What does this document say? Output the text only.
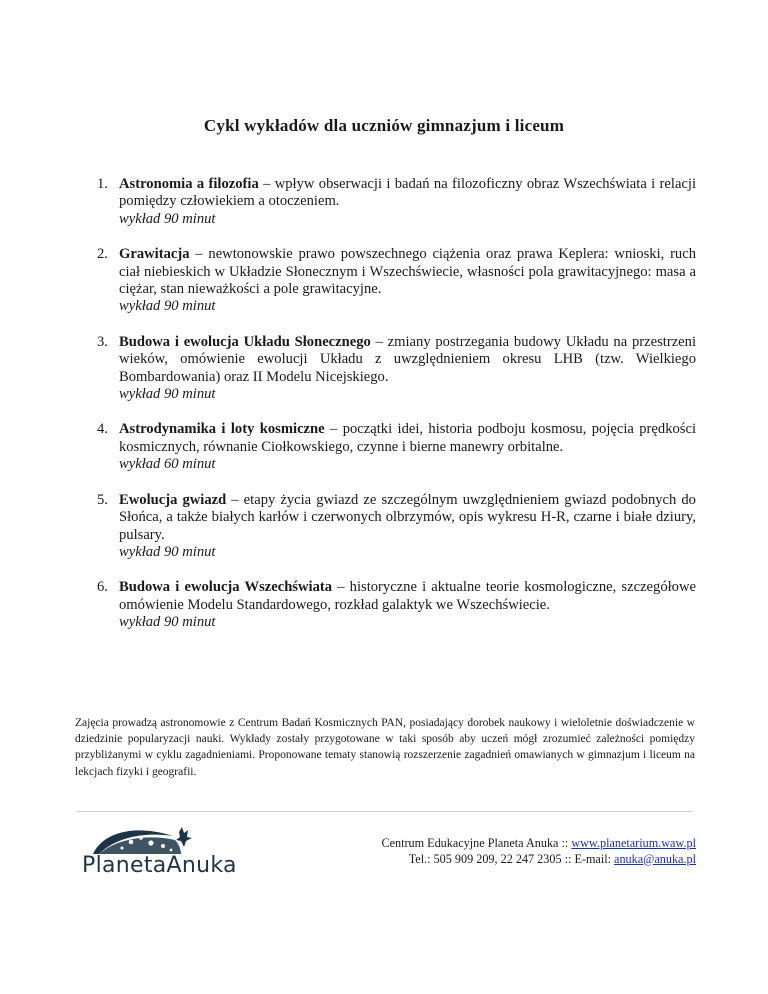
Cykl wykładów dla uczniów gimnazjum i liceum
1. Astronomia a filozofia – wpływ obserwacji i badań na filozoficzny obraz Wszechświata i relacji pomiędzy człowiekiem a otoczeniem.
wykład 90 minut
2. Grawitacja – newtonowskie prawo powszechnego ciążenia oraz prawa Keplera: wnioski, ruch ciał niebieskich w Układzie Słonecznym i Wszechświecie, własności pola grawitacyjnego: masa a ciężar, stan nieważkości a pole grawitacyjne.
wykład 90 minut
3. Budowa i ewolucja Układu Słonecznego – zmiany postrzegania budowy Układu na przestrzeni wieków, omówienie ewolucji Układu z uwzględnieniem okresu LHB (tzw. Wielkiego Bombardowania) oraz II Modelu Nicejskiego.
wykład 90 minut
4. Astrodynamika i loty kosmiczne – początki idei, historia podboju kosmosu, pojęcia prędkości kosmicznych, równanie Ciołkowskiego, czynne i bierne manewry orbitalne.
wykład 60 minut
5. Ewolucja gwiazd – etapy życia gwiazd ze szczególnym uwzględnieniem gwiazd podobnych do Słońca, a także białych karłów i czerwonych olbrzymów, opis wykresu H-R, czarne i białe dziury, pulsary.
wykład 90 minut
6. Budowa i ewolucja Wszechświata – historyczne i aktualne teorie kosmologiczne, szczegółowe omówienie Modelu Standardowego, rozkład galaktyk we Wszechświecie.
wykład 90 minut
Zajęcia prowadzą astronomowie z Centrum Badań Kosmicznych PAN, posiadający dorobek naukowy i wieloletnie doświadczenie w dziedzinie popularyzacji nauki. Wykłady zostały przygotowane w taki sposób aby uczeń mógł zrozumieć zależności pomiędzy przybliżanymi w cyklu zagadnieniami. Proponowane tematy stanowią rozszerzenie zagadnień omawianych w gimnazjum i liceum na lekcjach fizyki i geografii.
PlanetaAnuka
Centrum Edukacyjne Planeta Anuka :: www.planetarium.waw.pl
Tel.: 505 909 209, 22 247 2305 :: E-mail: anuka@anuka.pl
